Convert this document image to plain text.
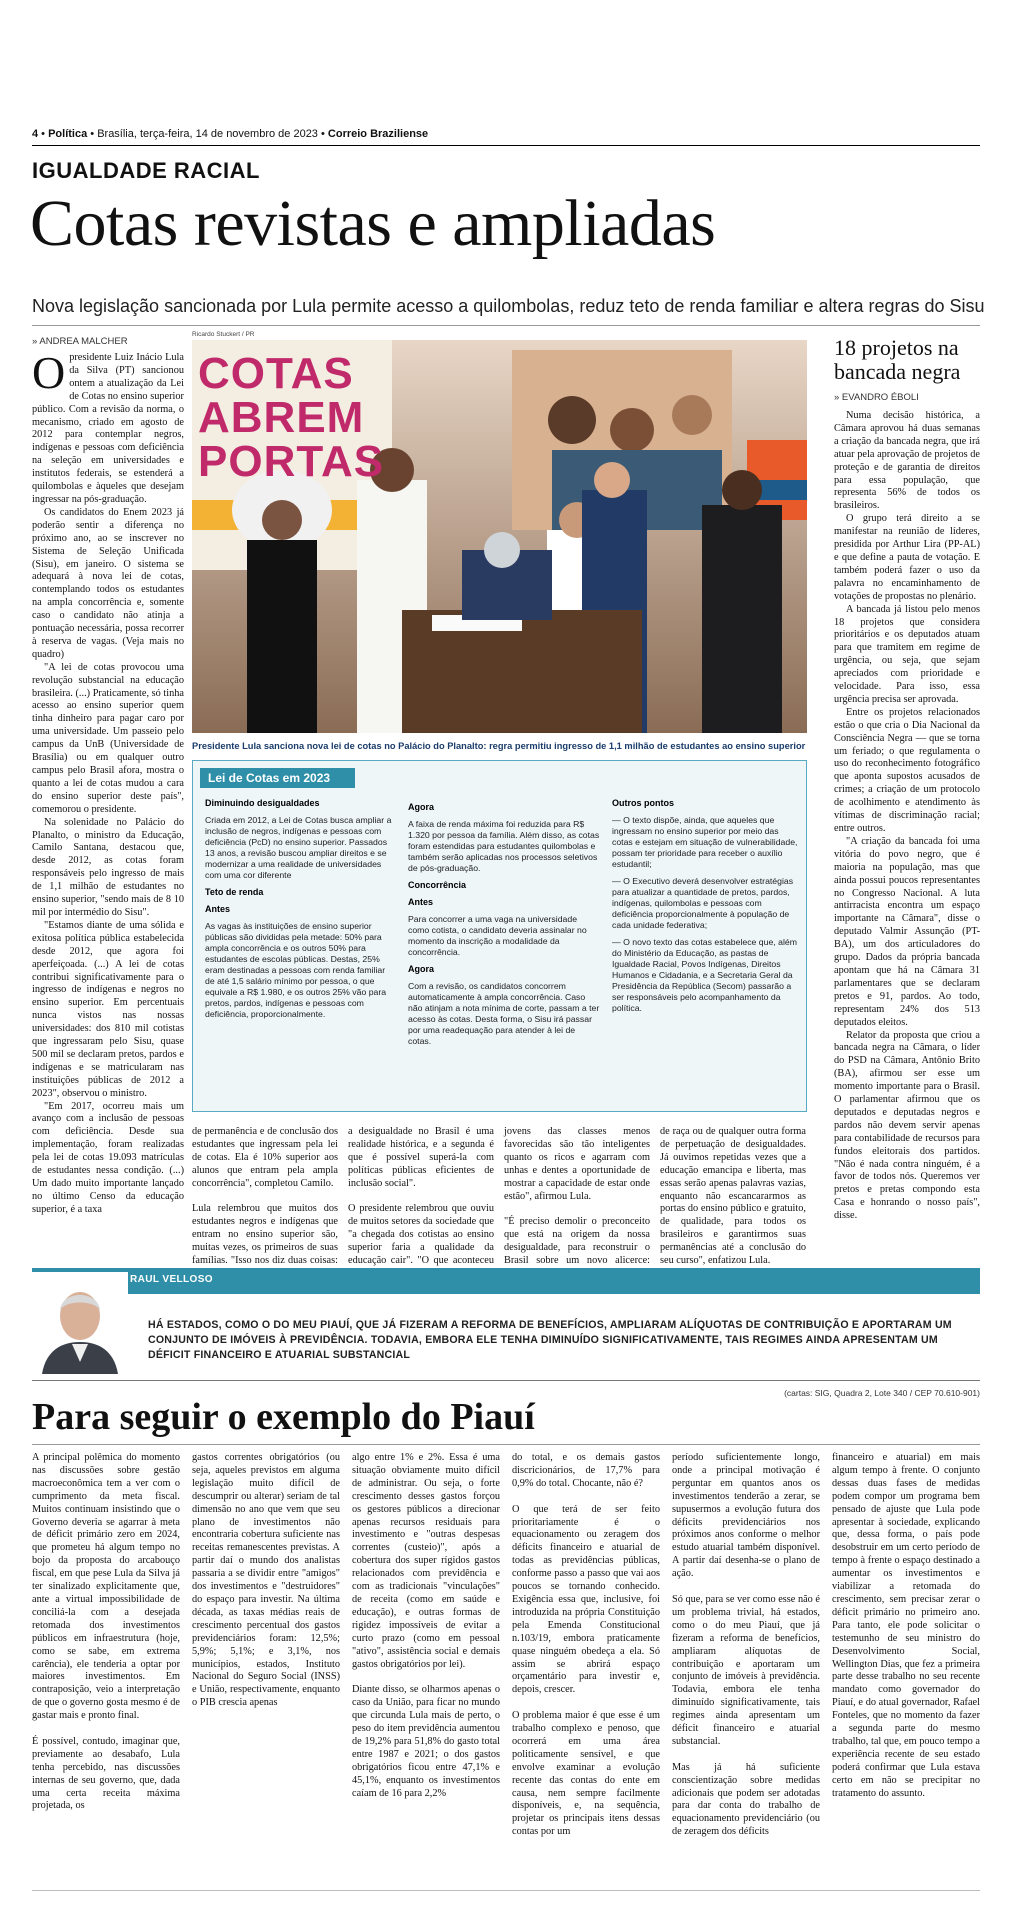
4 • Política • Brasília, terça-feira, 14 de novembro de 2023 • Correio Braziliense
IGUALDADE RACIAL
Cotas revistas e ampliadas
Nova legislação sancionada por Lula permite acesso a quilombolas, reduz teto de renda familiar e altera regras do Sisu
» ANDREA MALCHER

Opresidente Luiz Inácio Lula da Silva (PT) sancionou ontem a atualização da Lei de Cotas no ensino superior público. Com a revisão da norma, o mecanismo, criado em agosto de 2012 para contemplar negros, indígenas e pessoas com deficiência na seleção em universidades e institutos federais, se estenderá a quilombolas e àqueles que desejam ingressar na pós-graduação.

Os candidatos do Enem 2023 já poderão sentir a diferença no próximo ano, ao se inscrever no Sistema de Seleção Unificada (Sisu), em janeiro. O sistema se adequará à nova lei de cotas, contemplando todos os estudantes na ampla concorrência e, somente caso o candidato não atinja a pontuação necessária, possa recorrer à reserva de vagas. (Veja mais no quadro)

"A lei de cotas provocou uma revolução substancial na educação brasileira. (...) Praticamente, só tinha acesso ao ensino superior quem tinha dinheiro para pagar caro por uma universidade. Um passeio pelo campus da UnB (Universidade de Brasília) ou em qualquer outro campus pelo Brasil afora, mostra o quanto a lei de cotas mudou a cara do ensino superior deste país", comemorou o presidente.

Na solenidade no Palácio do Planalto, o ministro da Educação, Camilo Santana, destacou que, desde 2012, as cotas foram responsáveis pelo ingresso de mais de 1,1 milhão de estudantes no ensino superior, "sendo mais de 8 10 mil por intermédio do Sisu".

"Estamos diante de uma sólida e exitosa política pública estabelecida desde 2012, que agora foi aperfeiçoada. (...) A lei de cotas contribui significativamente para o ingresso de indígenas e negros no ensino superior. Em percentuais nunca vistos nas nossas universidades: dos 810 mil cotistas que ingressaram pelo Sisu, quase 500 mil se declaram pretos, pardos e indígenas e se matricularam nas instituições públicas de 2012 a 2023", observou o ministro.

"Em 2017, ocorreu mais um avanço com a inclusão de pessoas com deficiência. Desde sua implementação, foram realizadas pela lei de cotas 19.093 matrículas de estudantes nessa condição. (...) Um dado muito importante lançado no último Censo da educação superior, é a taxa

Ricardo Stuckert / PR
COTAS
ABREM
PORTAS
Presidente Lula sanciona nova lei de cotas no Palácio do Planalto: regra permitiu ingresso de 1,1 milhão de estudantes ao ensino superior
Lei de Cotas em 2023
Diminuindo desigualdades

Criada em 2012, a Lei de Cotas busca ampliar a inclusão de negros, indígenas e pessoas com deficiência (PcD) no ensino superior. Passados 13 anos, a revisão buscou ampliar direitos e se modernizar a uma realidade de universidades com uma cor diferente

Teto de renda
Antes

As vagas às instituições de ensino superior públicas são divididas pela metade: 50% para ampla concorrência e os outros 50% para estudantes de escolas públicas. Destas, 25% eram destinadas a pessoas com renda familiar de até 1,5 salário mínimo por pessoa, o que equivale a R$ 1.980, e os outros 25% vão para pretos, pardos, indígenas e pessoas com deficiência, proporcionalmente.

Agora

A faixa de renda máxima foi reduzida para R$ 1.320 por pessoa da família. Além disso, as cotas foram estendidas para estudantes quilombolas e também serão aplicadas nos processos seletivos de pós-graduação.

Concorrência
Antes

Para concorrer a uma vaga na universidade como cotista, o candidato deveria assinalar no momento da inscrição a modalidade da concorrência.

Agora

Com a revisão, os candidatos concorrem automaticamente à ampla concorrência. Caso não atinjam a nota mínima de corte, passam a ter acesso às cotas. Desta forma, o Sisu irá passar por uma readequação para atender à lei de cotas.

Outros pontos

— O texto dispõe, ainda, que aqueles que ingressam no ensino superior por meio das cotas e estejam em situação de vulnerabilidade, possam ter prioridade para receber o auxílio estudantil;

— O Executivo deverá desenvolver estratégias para atualizar a quantidade de pretos, pardos, indígenas, quilombolas e pessoas com deficiência proporcionalmente à população de cada unidade federativa;

— O novo texto das cotas estabelece que, além do Ministério da Educação, as pastas de Igualdade Racial, Povos Indígenas, Direitos Humanos e Cidadania, e a Secretaria Geral da Presidência da República (Secom) passarão a ser responsáveis pelo acompanhamento da política.

de permanência e de conclusão dos estudantes que ingressam pela lei de cotas. Ela é 10% superior aos alunos que entram pela ampla concorrência", completou Camilo.

Lula relembrou que muitos dos estudantes negros e indígenas que entram no ensino superior são, muitas vezes, os primeiros de suas famílias. "Isso nos diz duas coisas:
a desigualdade no Brasil é uma realidade histórica, e a segunda é que é possível superá-la com políticas públicas eficientes de inclusão social".

O presidente relembrou que ouviu de muitos setores da sociedade que "a chegada dos cotistas ao ensino superior faria a qualidade da educação cair". "O que aconteceu
jovens das classes menos favorecidas são tão inteligentes quanto os ricos e agarram com unhas e dentes a oportunidade de mostrar a capacidade de estar onde estão", afirmou Lula.

"É preciso demolir o preconceito que está na origem da nossa desigualdade, para reconstruir o Brasil sobre um novo alicerce:
de raça ou de qualquer outra forma de perpetuação de desigualdades. Já ouvimos repetidas vezes que a educação emancipa e liberta, mas essas serão apenas palavras vazias, enquanto não escancararmos as portas do ensino público e gratuito, de qualidade, para todos os brasileiros e garantirmos suas permanências até a conclusão do seu curso", enfatizou Lula.
18 projetos na bancada negra
» EVANDRO ÉBOLI

Numa decisão histórica, a Câmara aprovou há duas semanas a criação da bancada negra, que irá atuar pela aprovação de projetos de proteção e de garantia de direitos para essa população, que representa 56% de todos os brasileiros.

O grupo terá direito a se manifestar na reunião de líderes, presidida por Arthur Lira (PP-AL) e que define a pauta de votação. E também poderá fazer o uso da palavra no encaminhamento de votações de propostas no plenário.

A bancada já listou pelo menos 18 projetos que considera prioritários e os deputados atuam para que tramitem em regime de urgência, ou seja, que sejam apreciados com prioridade e velocidade. Para isso, essa urgência precisa ser aprovada.

Entre os projetos relacionados estão o que cria o Dia Nacional da Consciência Negra — que se torna um feriado; o que regulamenta o uso do reconhecimento fotográfico que aponta supostos acusados de crimes; a criação de um protocolo de acolhimento e atendimento às vítimas de discriminação racial; entre outros.

"A criação da bancada foi uma vitória do povo negro, que é maioria na população, mas que ainda possui poucos representantes no Congresso Nacional. A luta antirracista encontra um espaço importante na Câmara", disse o deputado Valmir Assunção (PT-BA), um dos articuladores do grupo. Dados da própria bancada apontam que há na Câmara 31 parlamentares que se declaram pretos e 91, pardos. Ao todo, representam 24% dos 513 deputados eleitos.

Relator da proposta que criou a bancada negra na Câmara, o líder do PSD na Câmara, Antônio Brito (BA), afirmou ser esse um momento importante para o Brasil. O parlamentar afirmou que os deputados e deputadas negros e pardos não devem servir apenas para contabilidade de recursos para fundos eleitorais dos partidos. "Não é nada contra ninguém, é a favor de todos nós. Queremos ver pretos e pretas compondo esta Casa e honrando o nosso país", disse.

RAUL VELLOSO
HÁ ESTADOS, COMO O DO MEU PIAUÍ, QUE JÁ FIZERAM A REFORMA DE BENEFÍCIOS, AMPLIARAM ALÍQUOTAS DE CONTRIBUIÇÃO E APORTARAM UM CONJUNTO DE IMÓVEIS À PREVIDÊNCIA. TODAVIA, EMBORA ELE TENHA DIMINUÍDO SIGNIFICATIVAMENTE, TAIS REGIMES AINDA APRESENTAM UM DÉFICIT FINANCEIRO E ATUARIAL SUBSTANCIAL
(cartas: SIG, Quadra 2, Lote 340 / CEP 70.610-901)
Para seguir o exemplo do Piauí
A principal polêmica do momento nas discussões sobre gestão macroeconômica tem a ver com o cumprimento da meta fiscal. Muitos continuam insistindo que o Governo deveria se agarrar à meta de déficit primário zero em 2024, que prometeu há algum tempo no bojo da proposta do arcabouço fiscal, em que pese Lula da Silva já ter sinalizado explicitamente que, ante a virtual impossibilidade de conciliá-la com a desejada retomada dos investimentos públicos em infraestrutura (hoje, como se sabe, em extrema carência), ele tenderia a optar por maiores investimentos. Em contraposição, veio a interpretação de que o governo gosta mesmo é de gastar mais e pronto final.

É possível, contudo, imaginar que, previamente ao desabafo, Lula tenha percebido, nas discussões internas de seu governo, que, dada uma certa receita máxima projetada, os
gastos correntes obrigatórios (ou seja, aqueles previstos em alguma legislação muito difícil de descumprir ou alterar) seriam de tal dimensão no ano que vem que seu plano de investimentos não encontraria cobertura suficiente nas receitas remanescentes previstas. A partir daí o mundo dos analistas passaria a se dividir entre "amigos" dos investimentos e "destruidores" do espaço para investir. Na última década, as taxas médias reais de crescimento percentual dos gastos previdenciários foram: 12,5%; 5,9%; 5,1%; e 3,1%, nos municípios, estados, Instituto Nacional do Seguro Social (INSS) e União, respectivamente, enquanto o PIB crescia apenas
algo entre 1% e 2%. Essa é uma situação obviamente muito difícil de administrar. Ou seja, o forte crescimento desses gastos forçou os gestores públicos a direcionar apenas recursos residuais para investimento e "outras despesas correntes (custeio)", após a cobertura dos super rígidos gastos relacionados com previdência e com as tradicionais "vinculações" de receita (como em saúde e educação), e outras formas de rigidez impossíveis de evitar a curto prazo (como em pessoal "ativo", assistência social e demais gastos obrigatórios por lei).

Diante disso, se olharmos apenas o caso da União, para ficar no mundo que circunda Lula mais de perto, o peso do item previdência aumentou de 19,2% para 51,8% do gasto total entre 1987 e 2021; o dos gastos obrigatórios ficou entre 47,1% e 45,1%, enquanto os investimentos caíam de 16 para 2,2%
do total, e os demais gastos discricionários, de 17,7% para 0,9% do total. Chocante, não é?

O que terá de ser feito prioritariamente é o equacionamento ou zeragem dos déficits financeiro e atuarial de todas as previdências públicas, conforme passo a passo que vai aos poucos se tornando conhecido. Exigência essa que, inclusive, foi introduzida na própria Constituição pela Emenda Constitucional n.103/19, embora praticamente quase ninguém obedeça a ela. Só assim se abrirá espaço orçamentário para investir e, depois, crescer.

O problema maior é que esse é um trabalho complexo e penoso, que ocorrerá em uma área politicamente sensível, e que envolve examinar a evolução recente das contas do ente em causa, nem sempre facilmente disponíveis, e, na sequência, projetar os principais itens dessas contas por um
período suficientemente longo, onde a principal motivação é perguntar em quantos anos os investimentos tenderão a zerar, se supusermos a evolução futura dos déficits previdenciários nos próximos anos conforme o melhor estudo atuarial também disponível. A partir daí desenha-se o plano de ação.

Só que, para se ver como esse não é um problema trivial, há estados, como o do meu Piauí, que já fizeram a reforma de benefícios, ampliaram alíquotas de contribuição e aportaram um conjunto de imóveis à previdência. Todavia, embora ele tenha diminuído significativamente, tais regimes ainda apresentam um déficit financeiro e atuarial substancial.

Mas já há suficiente conscientização sobre medidas adicionais que podem ser adotadas para dar conta do trabalho de equacionamento previdenciário (ou de zeragem dos déficits
financeiro e atuarial) em mais algum tempo à frente. O conjunto dessas duas fases de medidas podem compor um programa bem pensado de ajuste que Lula pode apresentar à sociedade, explicando que, dessa forma, o país pode desobstruir em um certo período de tempo à frente o espaço destinado a aumentar os investimentos e viabilizar a retomada do crescimento, sem precisar zerar o déficit primário no primeiro ano. Para tanto, ele pode solicitar o testemunho de seu ministro do Desenvolvimento Social, Wellington Dias, que fez a primeira parte desse trabalho no seu recente mandato como governador do Piauí, e do atual governador, Rafael Fonteles, que no momento da fazer a segunda parte do mesmo trabalho, tal que, em pouco tempo a experiência recente de seu estado poderá confirmar que Lula estava certo em não se precipitar no tratamento do assunto.
